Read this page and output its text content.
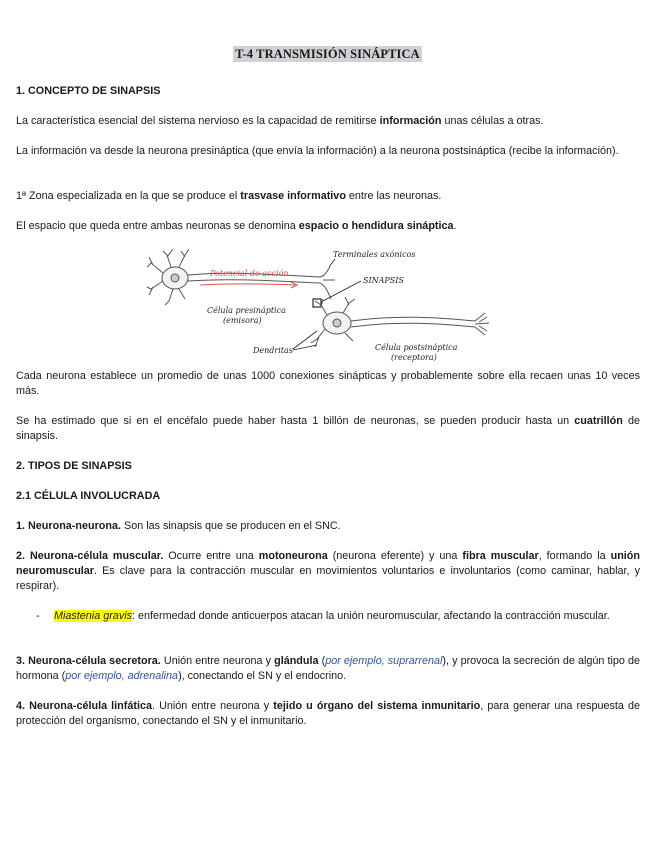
T-4 TRANSMISIÓN SINÁPTICA
1. CONCEPTO DE SINAPSIS
La característica esencial del sistema nervioso es la capacidad de remitirse información unas células a otras.
La información va desde la neurona presináptica (que envía la información) a la neurona postsináptica (recibe la información).
1ª Zona especializada en la que se produce el trasvase informativo entre las neuronas.
El espacio que queda entre ambas neuronas se denomina espacio o hendidura sináptica.
Potencial de acción
Terminales axónicos
SINAPSIS
Célula presináptica
(emisora)
Dendritas	Célula postsináptica
(receptora)
Cada neurona establece un promedio de unas 1000 conexiones sinápticas y probablemente sobre ella recaen unas 10 veces más.
Se ha estimado que si en el encéfalo puede haber hasta 1 billón de neuronas, se pueden producir hasta un cuatrillón de sinapsis.
2. TIPOS DE SINAPSIS
2.1 CÉLULA INVOLUCRADA
1. Neurona-neurona. Son las sinapsis que se producen en el SNC.
2. Neurona-célula muscular. Ocurre entre una motoneurona (neurona eferente) y una fibra muscular, formando la unión neuromuscular. Es clave para la contracción muscular en movimientos voluntarios e involuntarios (como caminar, hablar, y respirar).
- Miastenia gravis: enfermedad donde anticuerpos atacan la unión neuromuscular, afectando la contracción muscular.
3. Neurona-célula secretora. Unión entre neurona y glándula (por ejemplo, suprarrenal), y provoca la secreción de algún tipo de hormona (por ejemplo, adrenalina), conectando el SN y el endocrino.
4. Neurona-célula linfática. Unión entre neurona y tejido u órgano del sistema inmunitario, para generar una respuesta de protección del organismo, conectando el SN y el inmunitario.
